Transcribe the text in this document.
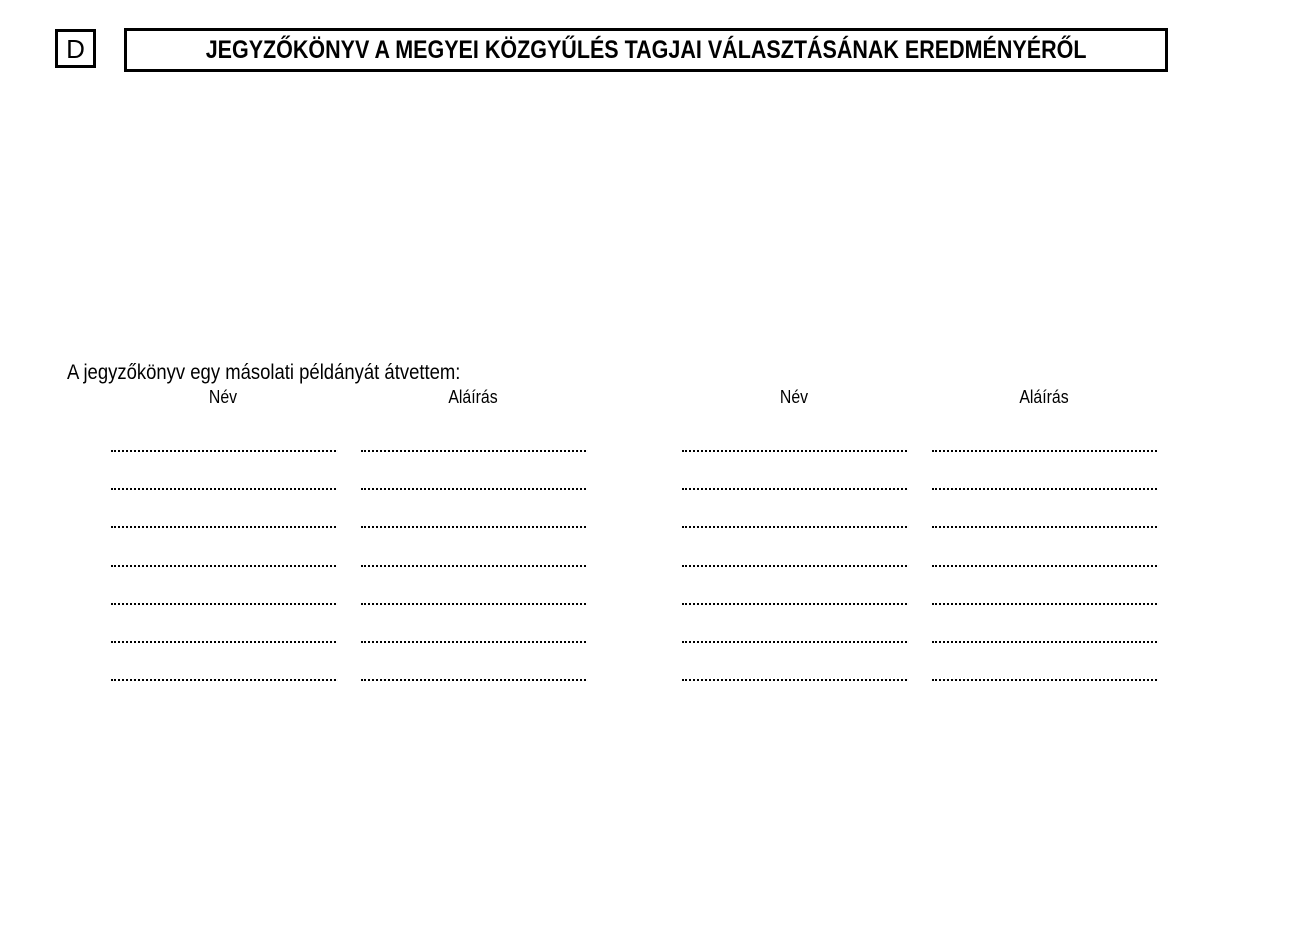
D	JEGYZŐKÖNYV A MEGYEI KÖZGYŰLÉS TAGJAI VÁLASZTÁSÁNAK EREDMÉNYÉRŐL
A jegyzőkönyv egy másolati példányát átvettem:
Név	Aláírás	Név	Aláírás
